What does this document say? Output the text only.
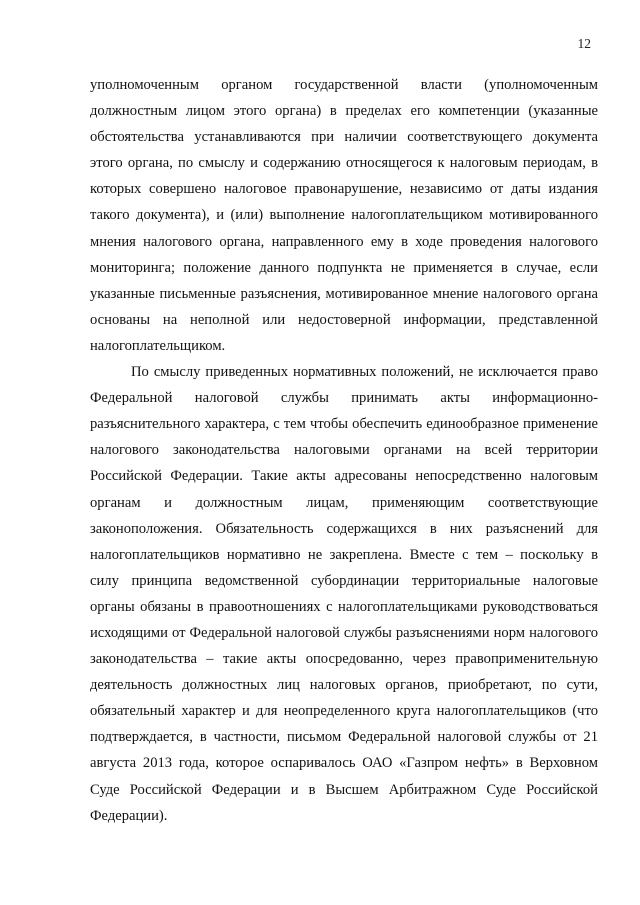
12

уполномоченным органом государственной власти (уполномоченным должностным лицом этого органа) в пределах его компетенции (указанные обстоятельства устанавливаются при наличии соответствующего документа этого органа, по смыслу и содержанию относящегося к налоговым периодам, в которых совершено налоговое правонарушение, независимо от даты издания такого документа), и (или) выполнение налогоплательщиком мотивированного мнения налогового органа, направленного ему в ходе проведения налогового мониторинга; положение данного подпункта не применяется в случае, если указанные письменные разъяснения, мотивированное мнение налогового органа основаны на неполной или недостоверной информации, представленной налогоплательщиком.

По смыслу приведенных нормативных положений, не исключается право Федеральной налоговой службы принимать акты информационно-разъяснительного характера, с тем чтобы обеспечить единообразное применение налогового законодательства налоговыми органами на всей территории Российской Федерации. Такие акты адресованы непосредственно налоговым органам и должностным лицам, применяющим соответствующие законоположения. Обязательность содержащихся в них разъяснений для налогоплательщиков нормативно не закреплена. Вместе с тем – поскольку в силу принципа ведомственной субординации территориальные налоговые органы обязаны в правоотношениях с налогоплательщиками руководствоваться исходящими от Федеральной налоговой службы разъяснениями норм налогового законодательства – такие акты опосредованно, через правоприменительную деятельность должностных лиц налоговых органов, приобретают, по сути, обязательный характер и для неопределенного круга налогоплательщиков (что подтверждается, в частности, письмом Федеральной налоговой службы от 21 августа 2013 года, которое оспаривалось ОАО «Газпром нефть» в Верховном Суде Российской Федерации и в Высшем Арбитражном Суде Российской Федерации).
